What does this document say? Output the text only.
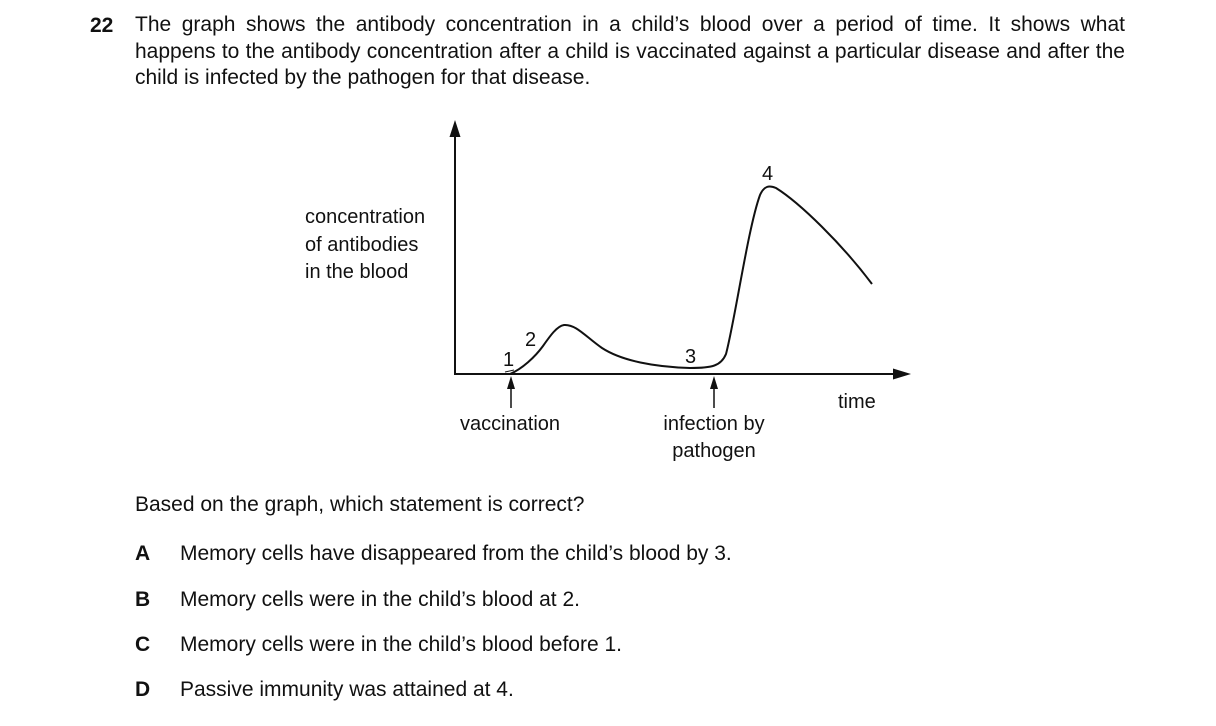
22 The graph shows the antibody concentration in a child’s blood over a period of time. It shows what happens to the antibody concentration after a child is vaccinated against a particular disease and after the child is infected by the pathogen for that disease.
concentration
of antibodies
in the blood
time
1
2
3
4
vaccination	infection by
pathogen
Based on the graph, which statement is correct?
A	Memory cells have disappeared from the child’s blood by 3.
B	Memory cells were in the child’s blood at 2.
C	Memory cells were in the child’s blood before 1.
D	Passive immunity was attained at 4.
